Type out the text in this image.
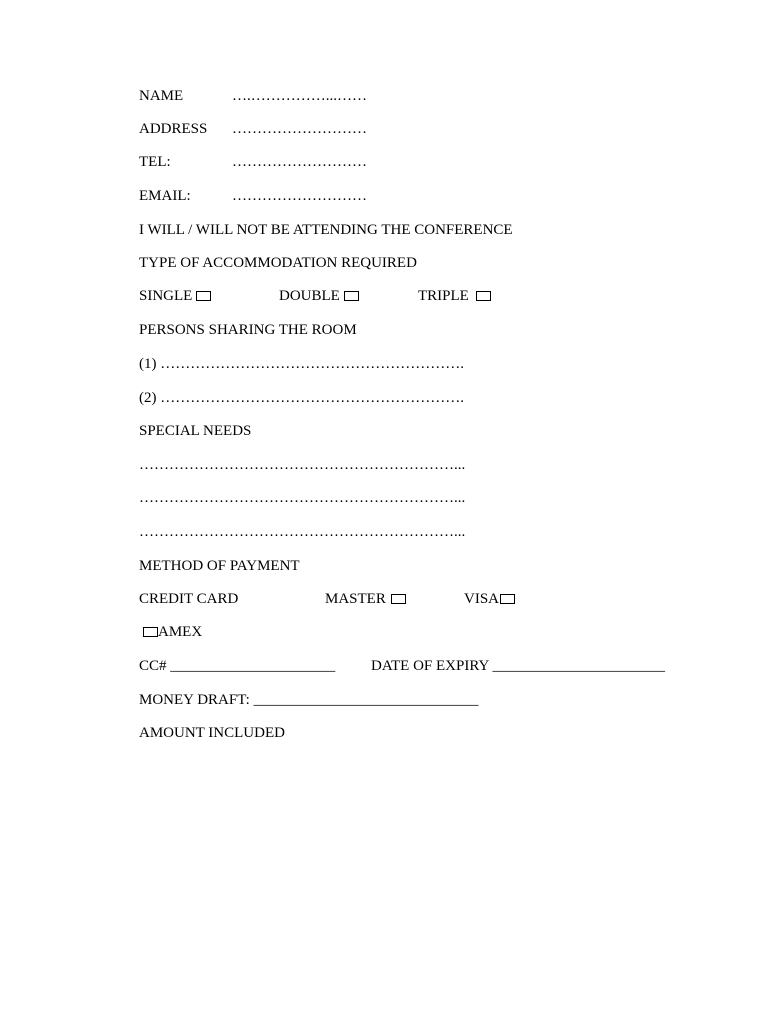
NAME	….……………...……
ADDRESS ………………………
TEL:	………………………
EMAIL:	………………………
I WILL / WILL NOT BE ATTENDING THE CONFERENCE
TYPE OF ACCOMMODATION REQUIRED
SINGLE	DOUBLE	TRIPLE
PERSONS SHARING THE ROOM
(1) …………………………………………………….
(2) …………………………………………………….
SPECIAL NEEDS
………………………………………………………...
………………………………………………………...
………………………………………………………...
METHOD OF PAYMENT
CREDIT CARD	MASTER	VISA
AMEX
CC# ______________________ DATE OF EXPIRY _______________________
MONEY DRAFT: ______________________________
AMOUNT INCLUDED
